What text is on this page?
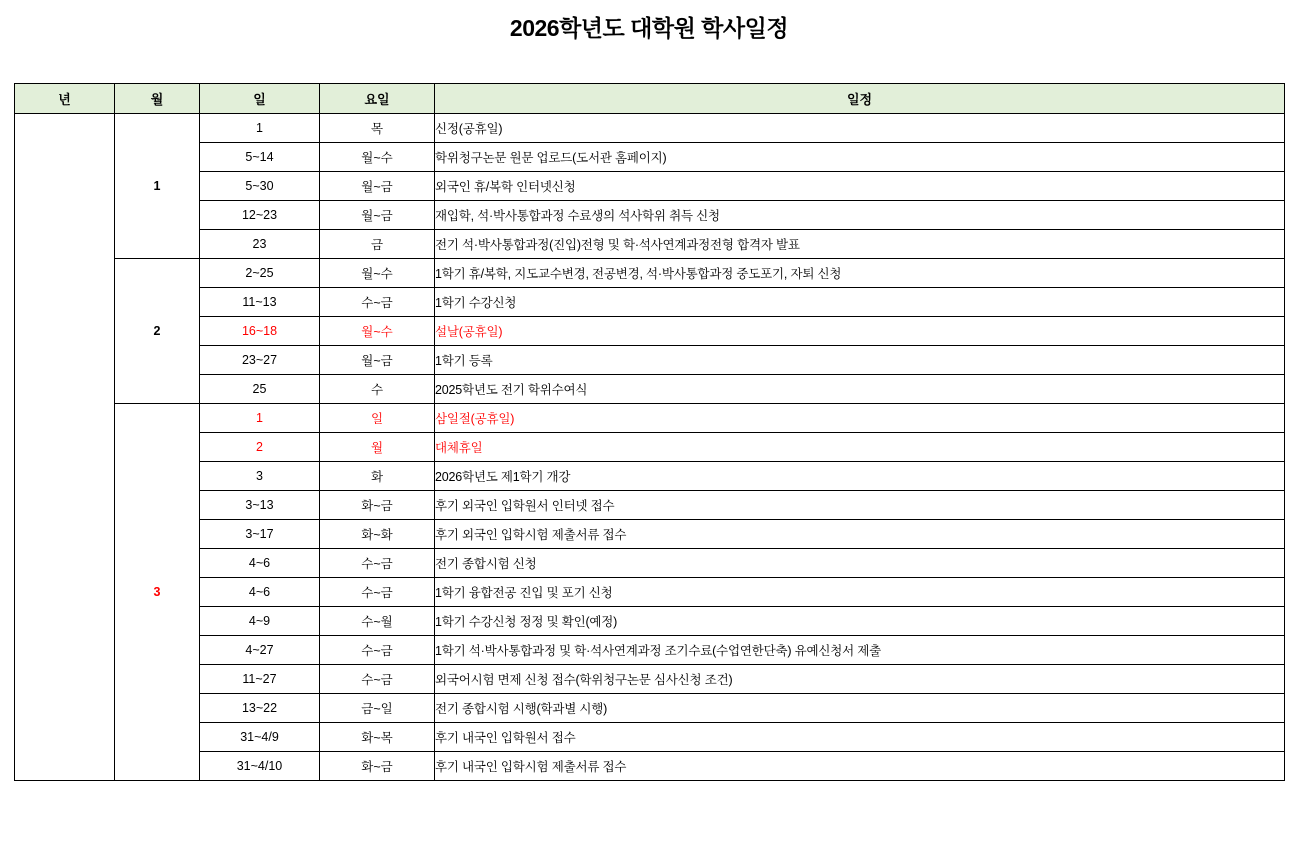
2026학년도 대학원 학사일정
년	월	일	요일	일정
	1	1	목	신정(공휴일)
		5~14	월~수	학위청구논문 원문 업로드(도서관 홈페이지)
		5~30	월~금	외국인 휴/복학 인터넷신청
		12~23	월~금	재입학, 석·박사통합과정 수료생의 석사학위 취득 신청
		23	금	전기 석·박사통합과정(진입)전형 및 학·석사연계과정전형 합격자 발표
	2	2~25	월~수	1학기 휴/복학, 지도교수변경, 전공변경, 석·박사통합과정 중도포기, 자퇴 신청
		11~13	수~금	1학기 수강신청
		16~18	월~수	설날(공휴일)
		23~27	월~금	1학기 등록
		25	수	2025학년도 전기 학위수여식
	3	1	일	삼일절(공휴일)
		2	월	대체휴일
		3	화	2026학년도 제1학기 개강
		3~13	화~금	후기 외국인 입학원서 인터넷 접수
		3~17	화~화	후기 외국인 입학시험 제출서류 접수
		4~6	수~금	전기 종합시험 신청
		4~6	수~금	1학기 융합전공 진입 및 포기 신청
		4~9	수~월	1학기 수강신청 정정 및 확인(예정)
		4~27	수~금	1학기 석·박사통합과정 및 학·석사연계과정 조기수료(수업연한단축) 유예신청서 제출
		11~27	수~금	외국어시험 면제 신청 접수(학위청구논문 심사신청 조건)
		13~22	금~일	전기 종합시험 시행(학과별 시행)
		31~4/9	화~목	후기 내국인 입학원서 접수
		31~4/10	화~금	후기 내국인 입학시험 제출서류 접수
